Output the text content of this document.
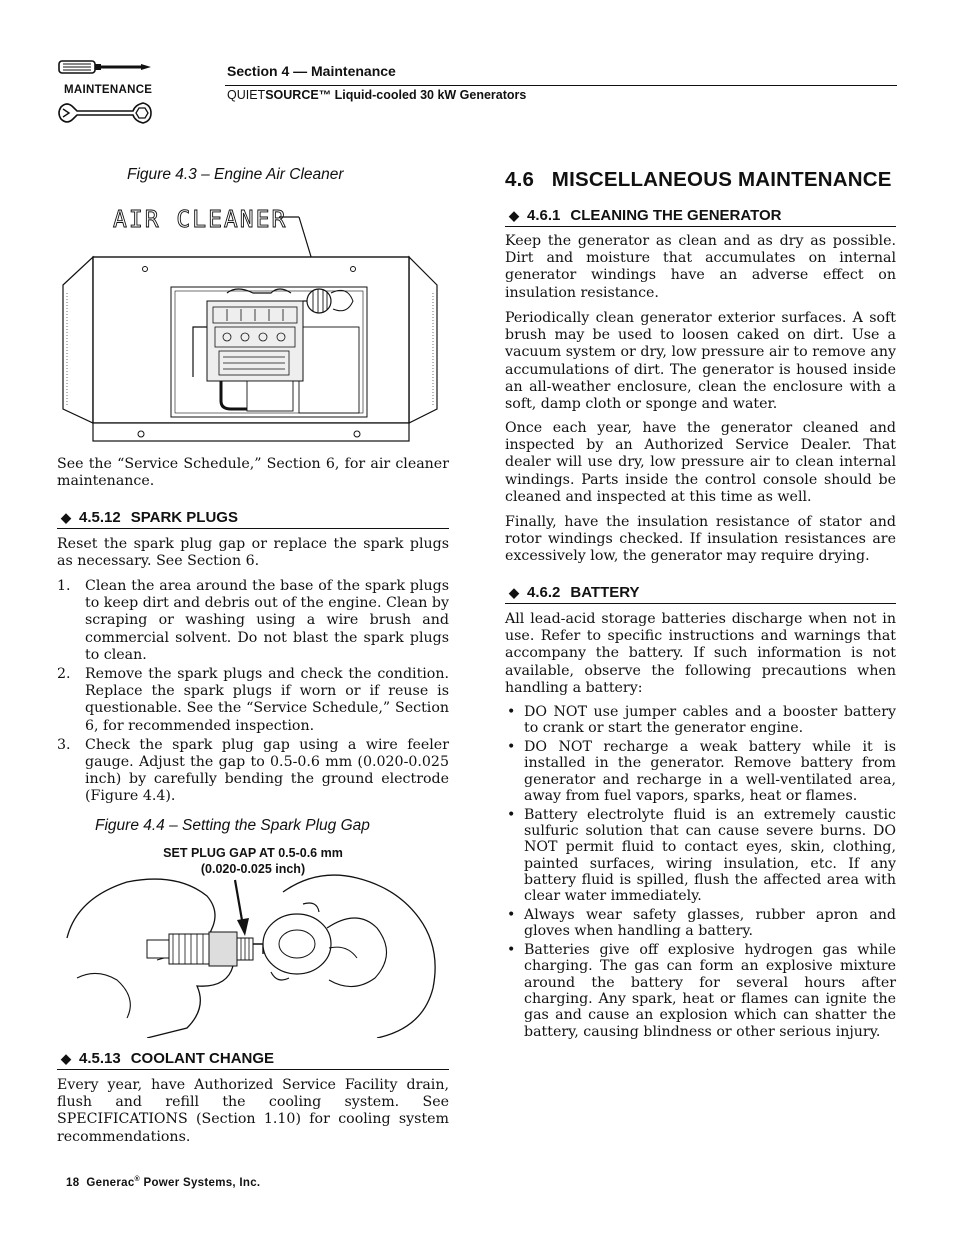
MAINTENANCE
Section 4 — Maintenance
QUIETSOURCE™ Liquid-cooled 30 kW Generators
Figure 4.3 – Engine Air Cleaner
AIR CLEANER

See the “Service Schedule,” Section 6, for air cleaner maintenance.

◆ 4.5.12 SPARK PLUGS

Reset the spark plug gap or replace the spark plugs as necessary. See Section 6.

1.	Clean the area around the base of the spark plugs to keep dirt and debris out of the engine. Clean by scraping or washing using a wire brush and commercial solvent. Do not blast the spark plugs to clean.
2.	Remove the spark plugs and check the condition. Replace the spark plugs if worn or if reuse is questionable. See the “Service Schedule,” Section 6, for recommended inspection.
3.	Check the spark plug gap using a wire feeler gauge. Adjust the gap to 0.5-0.6 mm (0.020-0.025 inch) by carefully bending the ground electrode (Figure 4.4).
Figure 4.4 – Setting the Spark Plug Gap
SET PLUG GAP AT 0.5-0.6 mm
(0.020-0.025 inch)
◆ 4.5.13 COOLANT CHANGE

Every year, have Authorized Service Facility drain, flush and refill the cooling system. See SPECIFICATIONS (Section 1.10) for cooling system recommendations.

4.6 MISCELLANEOUS MAINTENANCE
◆ 4.6.1 CLEANING THE GENERATOR

Keep the generator as clean and as dry as possible. Dirt and moisture that accumulates on internal generator windings have an adverse effect on insulation resistance.

Periodically clean generator exterior surfaces. A soft brush may be used to loosen caked on dirt. Use a vacuum system or dry, low pressure air to remove any accumulations of dirt. The generator is housed inside an all-weather enclosure, clean the enclosure with a soft, damp cloth or sponge and water.

Once each year, have the generator cleaned and inspected by an Authorized Service Dealer. That dealer will use dry, low pressure air to clean internal windings. Parts inside the control console should be cleaned and inspected at this time as well.

Finally, have the insulation resistance of stator and rotor windings checked. If insulation resistances are excessively low, the generator may require drying.

◆ 4.6.2 BATTERY

All lead-acid storage batteries discharge when not in use. Refer to specific instructions and warnings that accompany the battery. If such information is not available, observe the following precautions when handling a battery:

• DO NOT use jumper cables and a booster battery to crank or start the generator engine.
• DO NOT recharge a weak battery while it is installed in the generator. Remove battery from generator and recharge in a well-ventilated area, away from fuel vapors, sparks, heat or flames.
• Battery electrolyte fluid is an extremely caustic sulfuric solution that can cause severe burns. DO NOT permit fluid to contact eyes, skin, clothing, painted surfaces, wiring insulation, etc. If any battery fluid is spilled, flush the affected area with clear water immediately.
• Always wear safety glasses, rubber apron and gloves when handling a battery.
• Batteries give off explosive hydrogen gas while charging. The gas can form an explosive mixture around the battery for several hours after charging. Any spark, heat or flames can ignite the gas and cause an explosion which can shatter the battery, causing blindness or other serious injury.
18 Generac® Power Systems, Inc.
